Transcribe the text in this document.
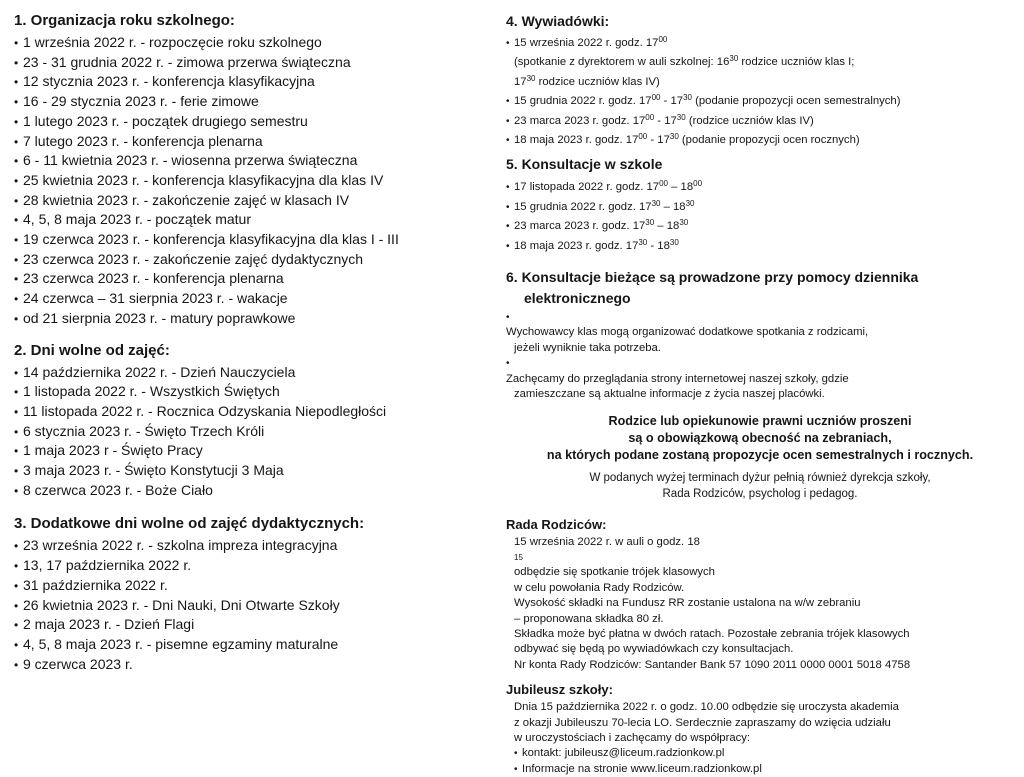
1. Organizacja roku szkolnego:
• 1 września 2022 r. - rozpoczęcie roku szkolnego
• 23 - 31 grudnia 2022 r. - zimowa przerwa świąteczna
• 12 stycznia 2023 r. - konferencja klasyfikacyjna
• 16 - 29 stycznia 2023 r. - ferie zimowe
• 1 lutego 2023 r. - początek drugiego semestru
• 7 lutego 2023 r. - konferencja plenarna
• 6 - 11 kwietnia 2023 r. - wiosenna przerwa świąteczna
• 25 kwietnia 2023 r. - konferencja klasyfikacyjna dla klas IV
• 28 kwietnia 2023 r. - zakończenie zajęć w klasach IV
• 4, 5, 8 maja 2023 r. - początek matur
• 19 czerwca 2023 r. - konferencja klasyfikacyjna dla klas I - III
• 23 czerwca 2023 r. - zakończenie zajęć dydaktycznych
• 23 czerwca 2023 r. - konferencja plenarna
• 24 czerwca – 31 sierpnia 2023 r. - wakacje
• od 21 sierpnia 2023 r. - matury poprawkowe
2. Dni wolne od zajęć:
• 14 października 2022 r. - Dzień Nauczyciela
• 1 listopada 2022 r. - Wszystkich Świętych
• 11 listopada 2022 r. - Rocznica Odzyskania Niepodległości
• 6 stycznia 2023 r. - Święto Trzech Króli
• 1 maja 2023 r - Święto Pracy
• 3 maja 2023 r. - Święto Konstytucji 3 Maja
• 8 czerwca 2023 r. - Boże Ciało
3. Dodatkowe dni wolne od zajęć dydaktycznych:
• 23 września 2022 r. - szkolna impreza integracyjna
• 13, 17 października 2022 r.
• 31 października 2022 r.
• 26 kwietnia 2023 r. - Dni Nauki, Dni Otwarte Szkoły
• 2 maja 2023 r. - Dzień Flagi
• 4, 5, 8 maja 2023 r. - pisemne egzaminy maturalne
• 9 czerwca 2023 r.
4. Wywiadówki:
• 15 września 2022 r. godz. $17^{00}$
(spotkanie z dyrektorem w auli szkolnej: $16^{30}$ rodzice uczniów klas I;
$17^{30}$ rodzice uczniów klas IV)
• 15 grudnia 2022 r. godz. $17^{00} - 17^{30}$ (podanie propozycji ocen semestralnych)
• 23 marca 2023 r. godz. $17^{00} - 17^{30}$ (rodzice uczniów klas IV)
• 18 maja 2023 r. godz. $17^{00} - 17^{30}$ (podanie propozycji ocen rocznych)
5. Konsultacje w szkole
• 17 listopada 2022 r. godz. $17^{00} - 18^{00}$
• 15 grudnia 2022 r. godz. $17^{30} - 18^{30}$
• 23 marca 2023 r. godz. $17^{30} - 18^{30}$
• 18 maja 2023 r. godz. $17^{30} - 18^{30}$
6. Konsultacje bieżące są prowadzone przy pomocy dziennika
elektronicznego
• Wychowawcy klas mogą organizować dodatkowe spotkania z rodzicami,
jeżeli wyniknie taka potrzeba.
• Zachęcamy do przeglądania strony internetowej naszej szkoły, gdzie
zamieszczane są aktualne informacje z życia naszej placówki.

Rodzice lub opiekunowie prawni uczniów proszeni

są o obowiązkową obecność na zebraniach,

na których podane zostaną propozycje ocen semestralnych i rocznych.

W podanych wyżej terminach dyżur pełnią również dyrekcja szkoły,

Rada Rodziców, psycholog i pedagog.

Rada Rodziców:
15 września 2022 r. w auli o godz. 18
15
odbędzie się spotkanie trójek klasowych
w celu powołania Rady Rodziców.
Wysokość składki na Fundusz RR zostanie ustalona na w/w zebraniu
– proponowana składka 80 zł.
Składka może być płatna w dwóch ratach. Pozostałe zebrania trójek klasowych
odbywać się będą po wywiadówkach czy konsultacjach.
Nr konta Rady Rodziców: Santander Bank 57 1090 2011 0000 0001 5018 4758
Jubileusz szkoły:
Dnia 15 października 2022 r. o godz. 10.00 odbędzie się uroczysta akademia
z okazji Jubileuszu 70-lecia LO. Serdecznie zapraszamy do wzięcia udziału
w uroczystościach i zachęcamy do współpracy:
• kontakt: jubileusz@liceum.radzionkow.pl
• Informacje na stronie www.liceum.radzionkow.pl
